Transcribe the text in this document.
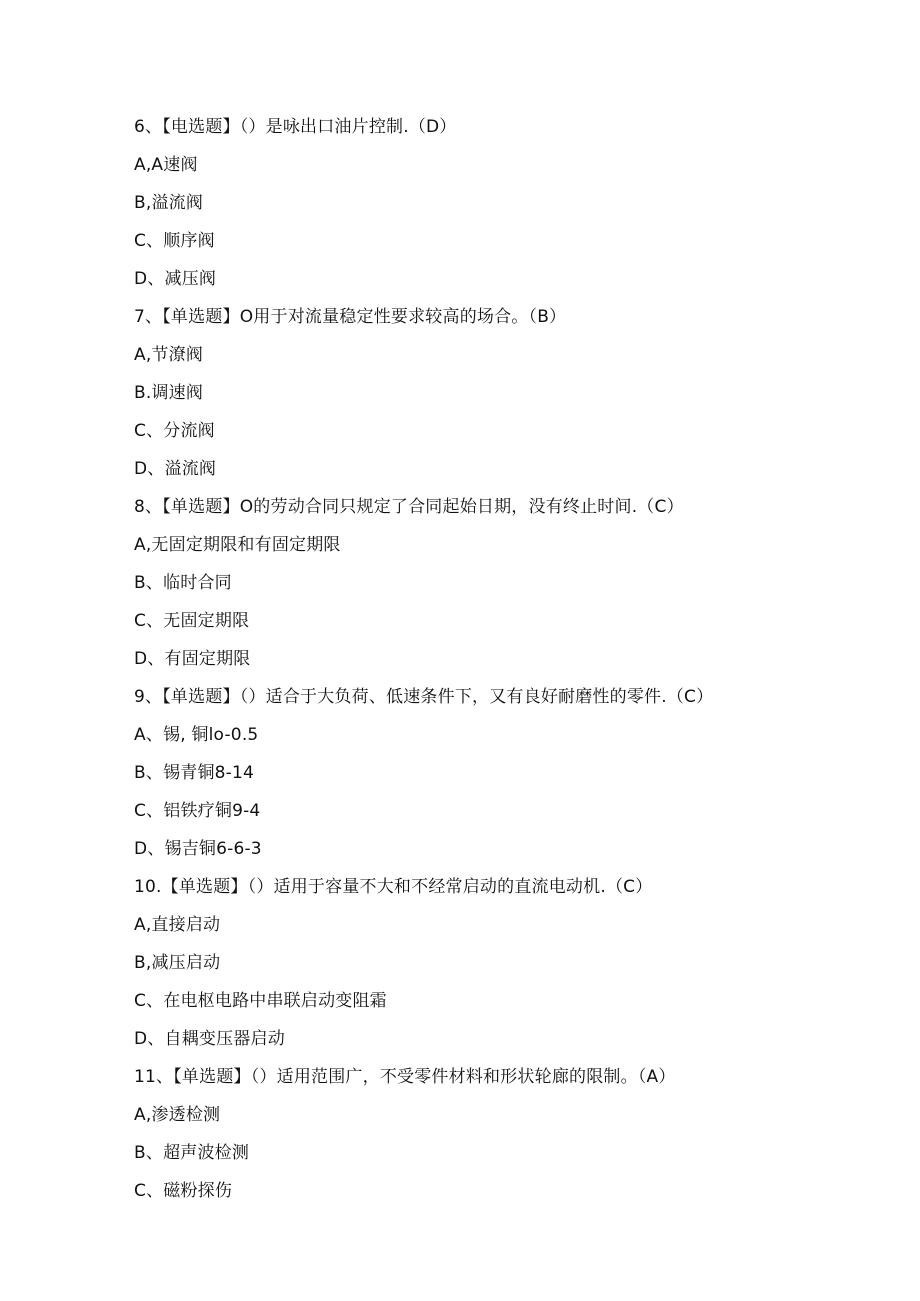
6、【电选题】（）是咏出口油片控制.（D）
A,A速阀
B,溢流阀
C、顺序阀
D、减压阀
7、【单选题】O用于对流量稳定性要求较高的场合。（B）
A,节潦阀
B.调速阀
C、分流阀
D、溢流阀
8、【单选题】O的劳动合同只规定了合同起始日期，没有终止时间.（C）
A,无固定期限和有固定期限
B、临时合同
C、无固定期限
D、有固定期限
9、【单选题】（）适合于大负荷、低速条件下，又有良好耐磨性的零件.（C）
A、锡, 铜lo-0.5
B、锡青铜8-14
C、铝铁疗铜9-4
D、锡吉铜6-6-3
10.【单选题】（）适用于容量不大和不经常启动的直流电动机.（C）
A,直接启动
B,减压启动
C、在电枢电路中串联启动变阻霜
D、自耦变压器启动
11、【单选题】（）适用范围广，不受零件材料和形状轮廊的限制。（A）
A,渗透检测
B、超声波检测
C、磁粉探伤
